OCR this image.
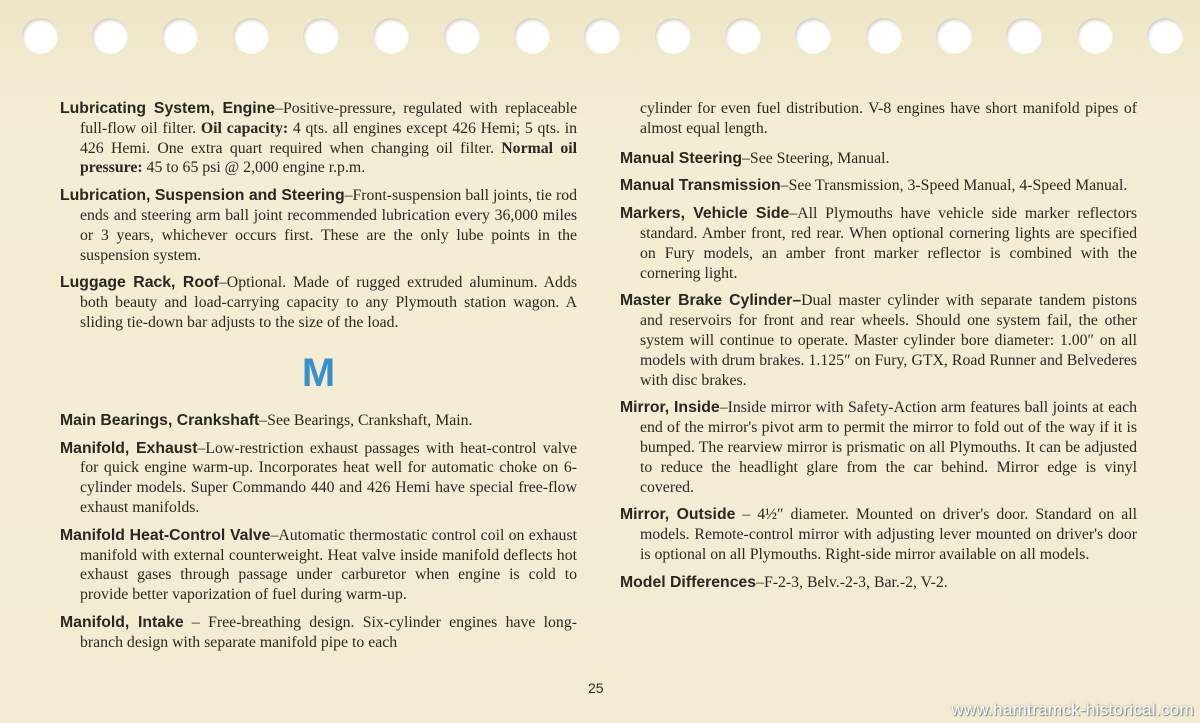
Lubricating System, Engine–Positive-pressure, regulated with replaceable full-flow oil filter. Oil capacity: 4 qts. all engines except 426 Hemi; 5 qts. in 426 Hemi. One extra quart required when changing oil filter. Normal oil pressure: 45 to 65 psi @ 2,000 engine r.p.m.

Lubrication, Suspension and Steering–Front-suspension ball joints, tie rod ends and steering arm ball joint recommended lubrication every 36,000 miles or 3 years, whichever occurs first. These are the only lube points in the suspension system.

Luggage Rack, Roof–Optional. Made of rugged extruded aluminum. Adds both beauty and load-carrying capacity to any Plymouth station wagon. A sliding tie-down bar adjusts to the size of the load.

M

Main Bearings, Crankshaft–See Bearings, Crankshaft, Main.

Manifold, Exhaust–Low-restriction exhaust passages with heat-control valve for quick engine warm-up. Incorporates heat well for automatic choke on 6-cylinder models. Super Commando 440 and 426 Hemi have special free-flow exhaust manifolds.

Manifold Heat-Control Valve–Automatic thermostatic control coil on exhaust manifold with external counterweight. Heat valve inside manifold deflects hot exhaust gases through passage under carburetor when engine is cold to provide better vaporization of fuel during warm-up.

Manifold, Intake – Free-breathing design. Six-cylinder engines have long-branch design with separate manifold pipe to each

cylinder for even fuel distribution. V-8 engines have short manifold pipes of almost equal length.

Manual Steering–See Steering, Manual.

Manual Transmission–See Transmission, 3-Speed Manual, 4-Speed Manual.

Markers, Vehicle Side–All Plymouths have vehicle side marker reflectors standard. Amber front, red rear. When optional cornering lights are specified on Fury models, an amber front marker reflector is combined with the cornering light.

Master Brake Cylinder–Dual master cylinder with separate tandem pistons and reservoirs for front and rear wheels. Should one system fail, the other system will continue to operate. Master cylinder bore diameter: 1.00″ on all models with drum brakes. 1.125″ on Fury, GTX, Road Runner and Belvederes with disc brakes.

Mirror, Inside–Inside mirror with Safety-Action arm features ball joints at each end of the mirror's pivot arm to permit the mirror to fold out of the way if it is bumped. The rearview mirror is prismatic on all Plymouths. It can be adjusted to reduce the headlight glare from the car behind. Mirror edge is vinyl covered.

Mirror, Outside – 4½″ diameter. Mounted on driver's door. Standard on all models. Remote-control mirror with adjusting lever mounted on driver's door is optional on all Plymouths. Right-side mirror available on all models.

Model Differences–F-2-3, Belv.-2-3, Bar.-2, V-2.

25
www.hamtramck-historical.com
